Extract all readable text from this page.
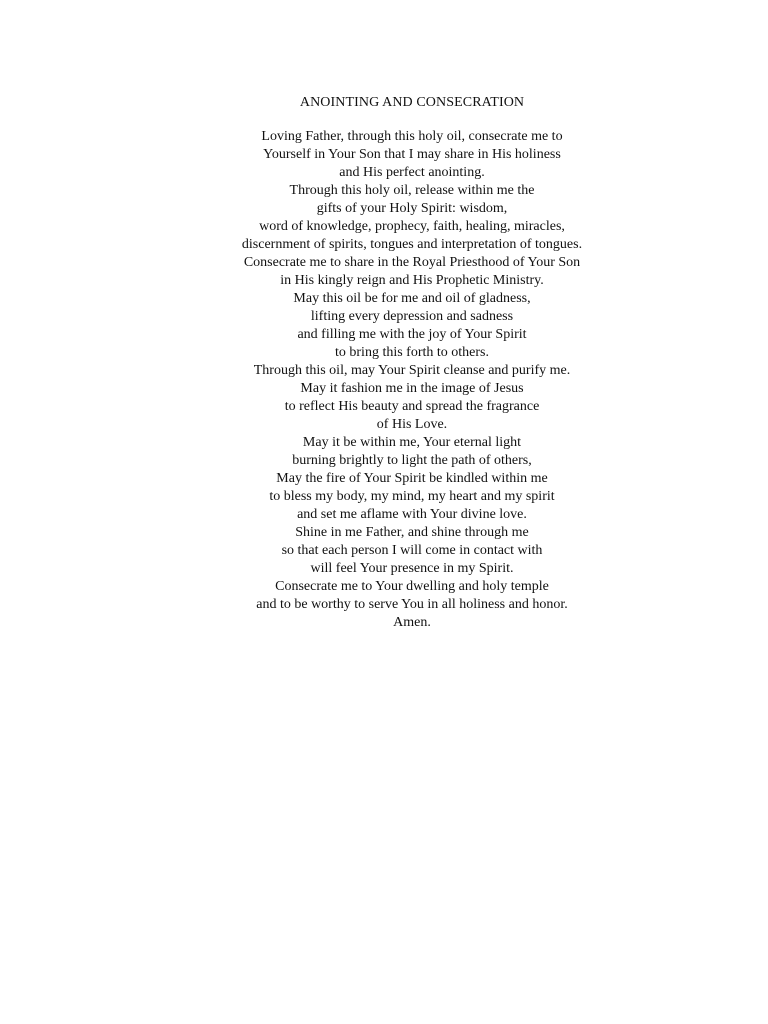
ANOINTING AND CONSECRATION
Loving Father, through this holy oil, consecrate me to
Yourself in Your Son that I may share in His holiness
and His perfect anointing.
Through this holy oil, release within me the
gifts of your Holy Spirit: wisdom,
word of knowledge, prophecy, faith, healing, miracles,
discernment of spirits, tongues and interpretation of tongues.
Consecrate me to share in the Royal Priesthood of Your Son
in His kingly reign and His Prophetic Ministry.
May this oil be for me and oil of gladness,
lifting every depression and sadness
and filling me with the joy of Your Spirit
to bring this forth to others.
Through this oil, may Your Spirit cleanse and purify me.
May it fashion me in the image of Jesus
to reflect His beauty and spread the fragrance
of His Love.
May it be within me, Your eternal light
burning brightly to light the path of others,
May the fire of Your Spirit be kindled within me
to bless my body, my mind, my heart and my spirit
and set me aflame with Your divine love.
Shine in me Father, and shine through me
so that each person I will come in contact with
will feel Your presence in my Spirit.
Consecrate me to Your dwelling and holy temple
and to be worthy to serve You in all holiness and honor.
Amen.
